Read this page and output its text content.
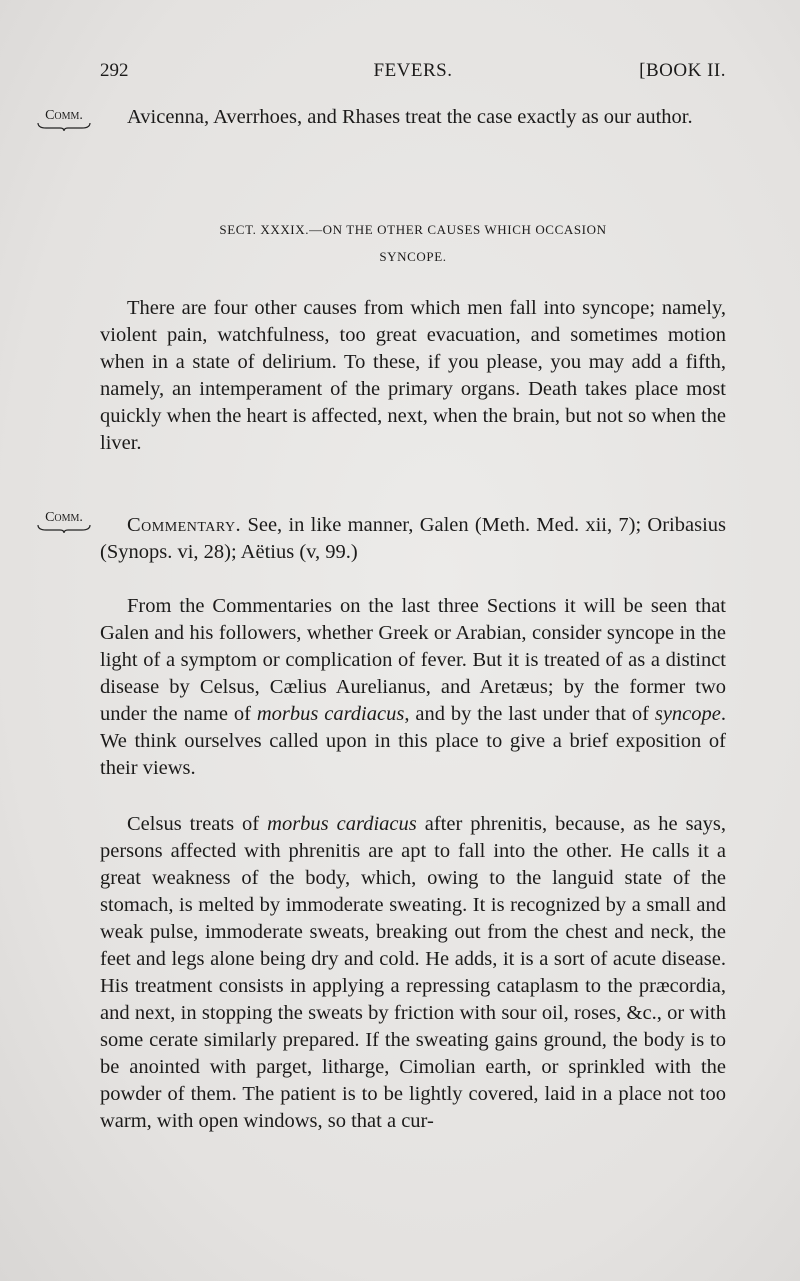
292	FEVERS.	[BOOK II.
Comm.	Avicenna, Averrhoes, and Rhases treat the case exactly as our author.

SECT. XXXIX.—ON THE OTHER CAUSES WHICH OCCASION
SYNCOPE.

There are four other causes from which men fall into syncope; namely, violent pain, watchfulness, too great evacuation, and sometimes motion when in a state of delirium. To these, if you please, you may add a fifth, namely, an intemperament of the primary organs. Death takes place most quickly when the heart is affected, next, when the brain, but not so when the liver.

Comm.	Commentary. See, in like manner, Galen (Meth. Med. xii, 7); Oribasius (Synops. vi, 28); Aëtius (v, 99.)

From the Commentaries on the last three Sections it will be seen that Galen and his followers, whether Greek or Arabian, consider syncope in the light of a symptom or complication of fever. But it is treated of as a distinct disease by Celsus, Cælius Aurelianus, and Aretæus; by the former two under the name of morbus cardiacus, and by the last under that of syncope. We think ourselves called upon in this place to give a brief exposition of their views.

Celsus treats of morbus cardiacus after phrenitis, because, as he says, persons affected with phrenitis are apt to fall into the other. He calls it a great weakness of the body, which, owing to the languid state of the stomach, is melted by immoderate sweating. It is recognized by a small and weak pulse, immoderate sweats, breaking out from the chest and neck, the feet and legs alone being dry and cold. He adds, it is a sort of acute disease. His treatment consists in applying a repressing cataplasm to the præcordia, and next, in stopping the sweats by friction with sour oil, roses, &c., or with some cerate similarly prepared. If the sweating gains ground, the body is to be anointed with parget, litharge, Cimolian earth, or sprinkled with the powder of them. The patient is to be lightly covered, laid in a place not too warm, with open windows, so that a cur-
